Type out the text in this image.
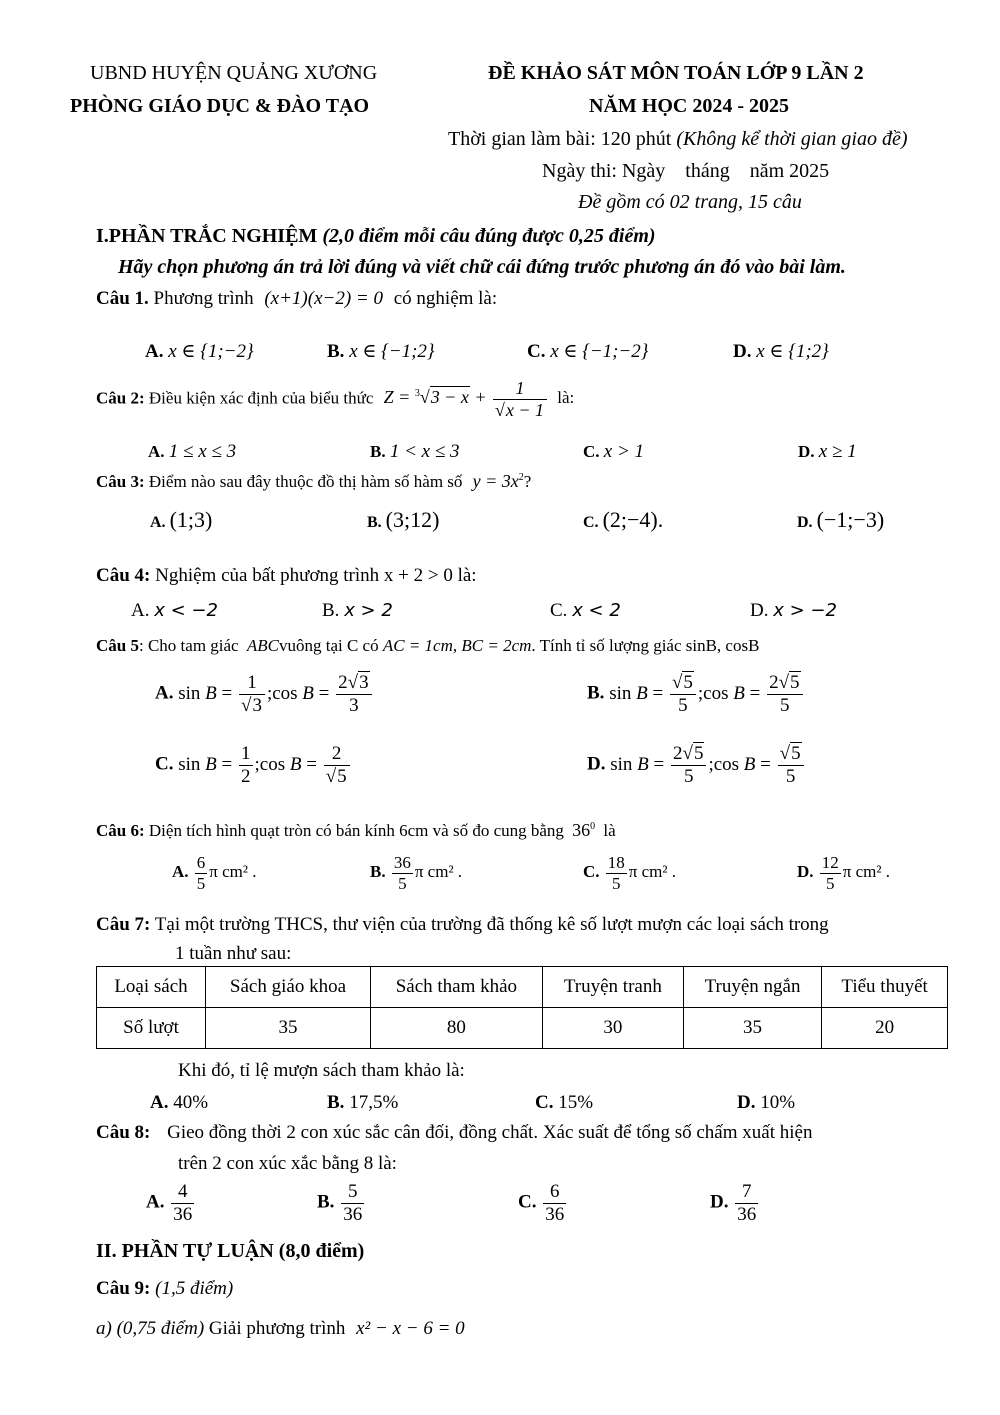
UBND HUYỆN QUẢNG XƯƠNG
PHÒNG GIÁO DỤC & ĐÀO TẠO
ĐỀ KHẢO SÁT MÔN TOÁN LỚP 9 LẦN 2
NĂM HỌC 2024 - 2025
Thời gian làm bài: 120 phút (Không kể thời gian giao đề)
Ngày thi: Ngày    tháng    năm 2025
Đề gồm có 02 trang, 15 câu
I.PHẦN TRẮC NGHIỆM (2,0 điểm mỗi câu đúng được 0,25 điểm)
Hãy chọn phương án trả lời đúng và viết chữ cái đứng trước phương án đó vào bài làm.
Câu 1. Phương trình (x+1)(x−2) = 0 có nghiệm là:
A. x ∈ {1;−2}	B. x ∈ {−1;2}	C. x ∈ {−1;−2}	D. x ∈ {1;2}
Câu 2: Điều kiện xác định của biểu thức $Z = ^3√3 - x + \frac{1}{√x - 1}$ là:
A. 1 ≤ x ≤ 3	B. 1 < x ≤ 3	C. x > 1	D. x ≥ 1
Câu 3: Điểm nào sau đây thuộc đồ thị hàm số hàm số $y = 3x^2$?
A. (1;3)	B. (3;12)	C. (2;−4).	D. (−1;−3)
Câu 4: Nghiệm của bất phương trình x + 2 > 0 là:
A. x < −2	B. x > 2	C. x < 2	D. x > −2
Câu 5: Cho tam giác ABCvuông tại C có AC = 1cm, BC = 2cm. Tính tỉ số lượng giác sinB, cosB
A. $\sin B = \frac{1}{√3}$ ;cos $B = \frac{2√3}{3}$	B. $\sin B = \frac{√5}{5}$ ;cos $B = \frac{2√5}{5}$
C. $\sin B = \frac{1}{2}$ ;cos $B = \frac{2}{√5}$	D. $\sin B = \frac{2√5}{5}$ ;cos $B = \frac{√5}{5}$
Câu 6: Diện tích hình quạt tròn có bán kính 6cm và số đo cung bằng $36^0$ là
A. $\frac{6}{5}$ π cm² .	B. $\frac{36}{5}$ π cm² .	C. $\frac{18}{5}$ π cm² .	D. $\frac{12}{5}$ π cm² .
Câu 7: Tại một trường THCS, thư viện của trường đã thống kê số lượt mượn các loại sách trong
1 tuần như sau:
Loại sách	Sách giáo khoa	Sách tham khảo	Truyện tranh	Truyện ngắn	Tiểu thuyết
Số lượt	35	80	30	35	20
Khi đó, tỉ lệ mượn sách tham khảo là:
A. 40%	B. 17,5%	C. 15%	D. 10%
Câu 8: Gieo đồng thời 2 con xúc sắc cân đối, đồng chất. Xác suất để tổng số chấm xuất hiện
trên 2 con xúc xắc bằng 8 là:
A. $\frac{4}{36}$	B. $\frac{5}{36}$	C. $\frac{6}{36}$	D. $\frac{7}{36}$
II. PHẦN TỰ LUẬN (8,0 điểm)
Câu 9: (1,5 điểm)
a) (0,75 điểm) Giải phương trình x² − x − 6 = 0
